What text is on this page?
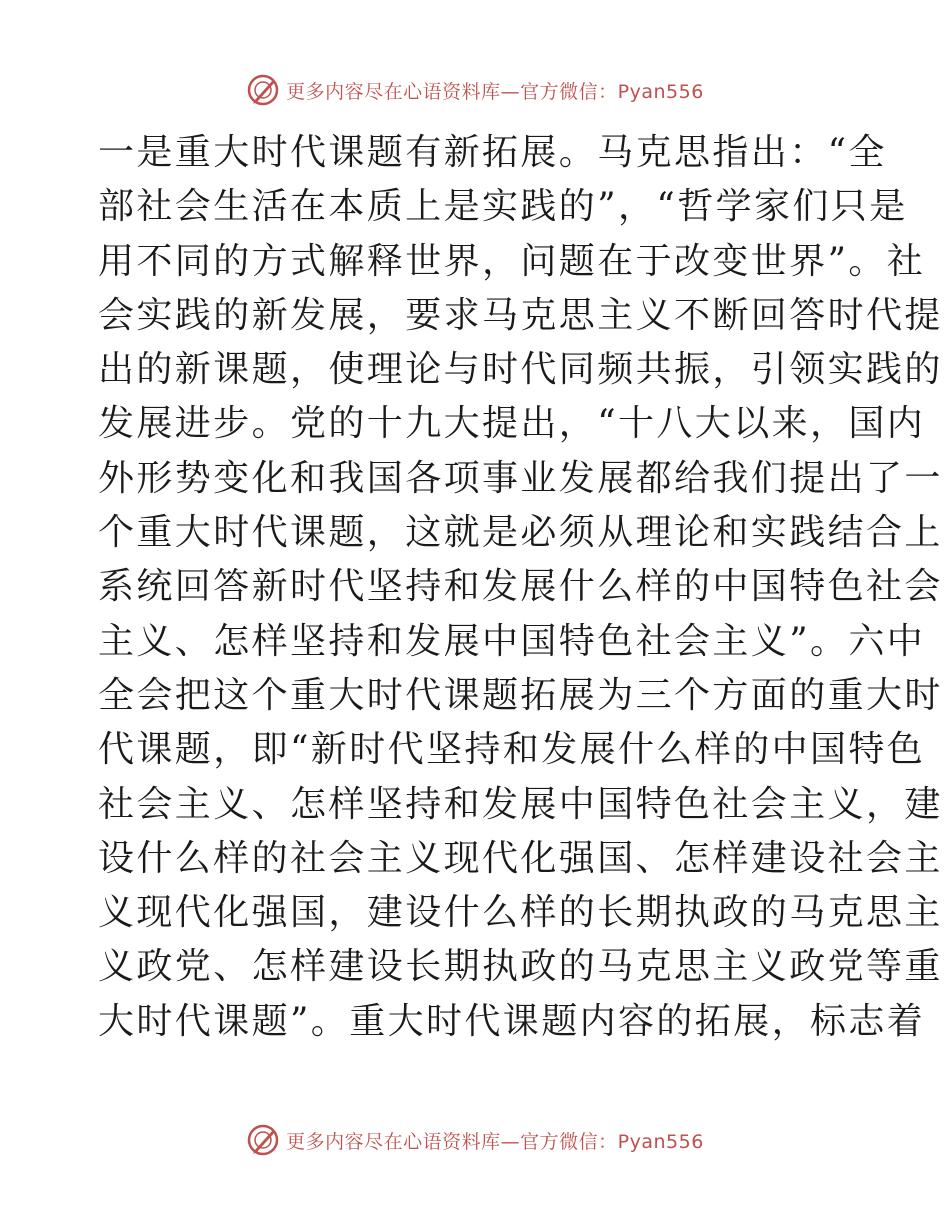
更多内容尽在心语资料库—官方微信：Pyan556
一是重大时代课题有新拓展。马克思指出：“全
部社会生活在本质上是实践的”，“哲学家们只是
用不同的方式解释世界，问题在于改变世界”。社
会实践的新发展，要求马克思主义不断回答时代提
出的新课题，使理论与时代同频共振，引领实践的
发展进步。党的十九大提出，“十八大以来，国内
外形势变化和我国各项事业发展都给我们提出了一
个重大时代课题，这就是必须从理论和实践结合上
系统回答新时代坚持和发展什么样的中国特色社会
主义、怎样坚持和发展中国特色社会主义”。六中
全会把这个重大时代课题拓展为三个方面的重大时
代课题，即“新时代坚持和发展什么样的中国特色
社会主义、怎样坚持和发展中国特色社会主义，建
设什么样的社会主义现代化强国、怎样建设社会主
义现代化强国，建设什么样的长期执政的马克思主
义政党、怎样建设长期执政的马克思主义政党等重
大时代课题”。重大时代课题内容的拓展，标志着
更多内容尽在心语资料库—官方微信：Pyan556
